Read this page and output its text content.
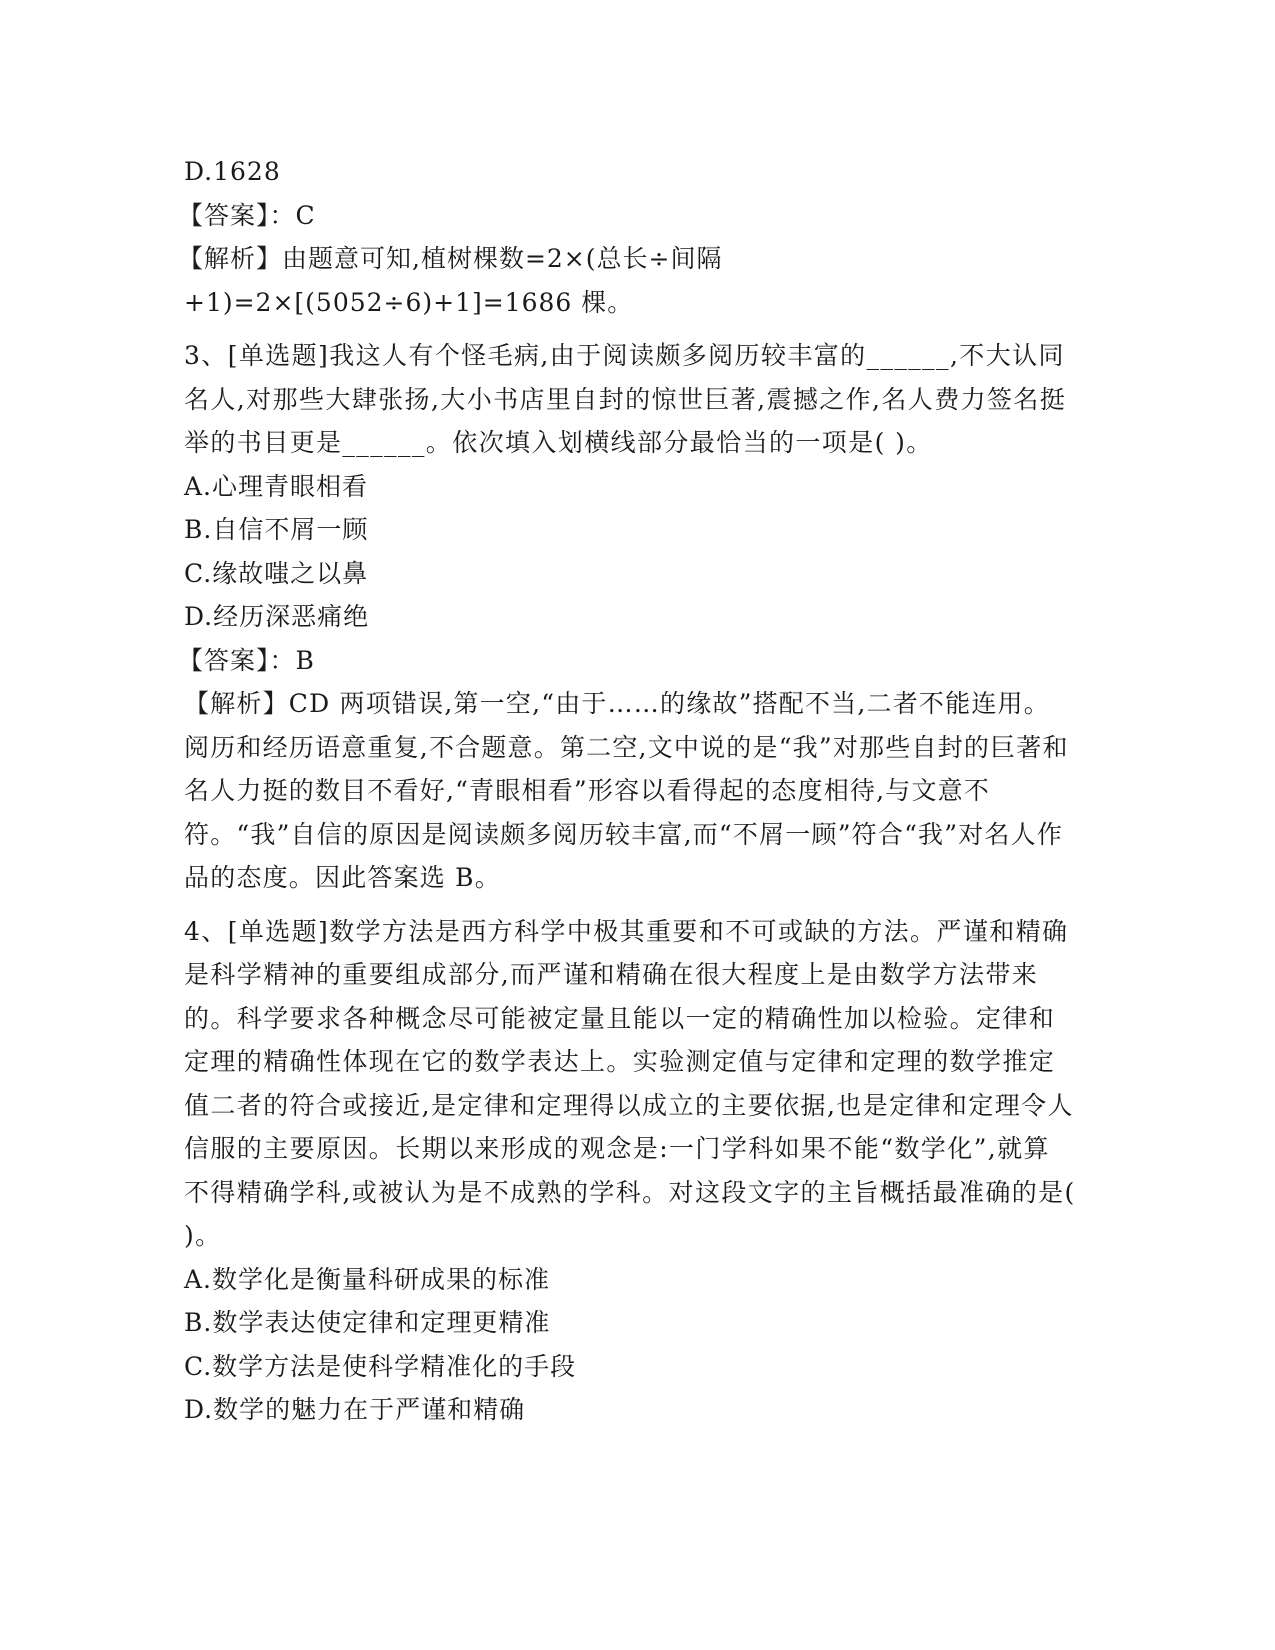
D.1628

【答案】：C

【解析】由题意可知,植树棵数=2×(总长÷间隔

+1)=2×[(5052÷6)+1]=1686 棵。

3、[单选题]我这人有个怪毛病,由于阅读颇多阅历较丰富的______,不大认同名人,对那些大肆张扬,大小书店里自封的惊世巨著,震撼之作,名人费力签名挺举的书目更是______。依次填入划横线部分最恰当的一项是( )。

A.心理青眼相看

B.自信不屑一顾

C.缘故嗤之以鼻

D.经历深恶痛绝

【答案】：B

【解析】CD 两项错误,第一空,“由于……的缘故”搭配不当,二者不能连用。阅历和经历语意重复,不合题意。第二空,文中说的是“我”对那些自封的巨著和名人力挺的数目不看好,“青眼相看”形容以看得起的态度相待,与文意不符。“我”自信的原因是阅读颇多阅历较丰富,而“不屑一顾”符合“我”对名人作品的态度。因此答案选 B。

4、[单选题]数学方法是西方科学中极其重要和不可或缺的方法。严谨和精确是科学精神的重要组成部分,而严谨和精确在很大程度上是由数学方法带来的。科学要求各种概念尽可能被定量且能以一定的精确性加以检验。定律和定理的精确性体现在它的数学表达上。实验测定值与定律和定理的数学推定值二者的符合或接近,是定律和定理得以成立的主要依据,也是定律和定理令人信服的主要原因。长期以来形成的观念是:一门学科如果不能“数学化”,就算不得精确学科,或被认为是不成熟的学科。对这段文字的主旨概括最准确的是( )。

A.数学化是衡量科研成果的标准

B.数学表达使定律和定理更精准

C.数学方法是使科学精准化的手段

D.数学的魅力在于严谨和精确
